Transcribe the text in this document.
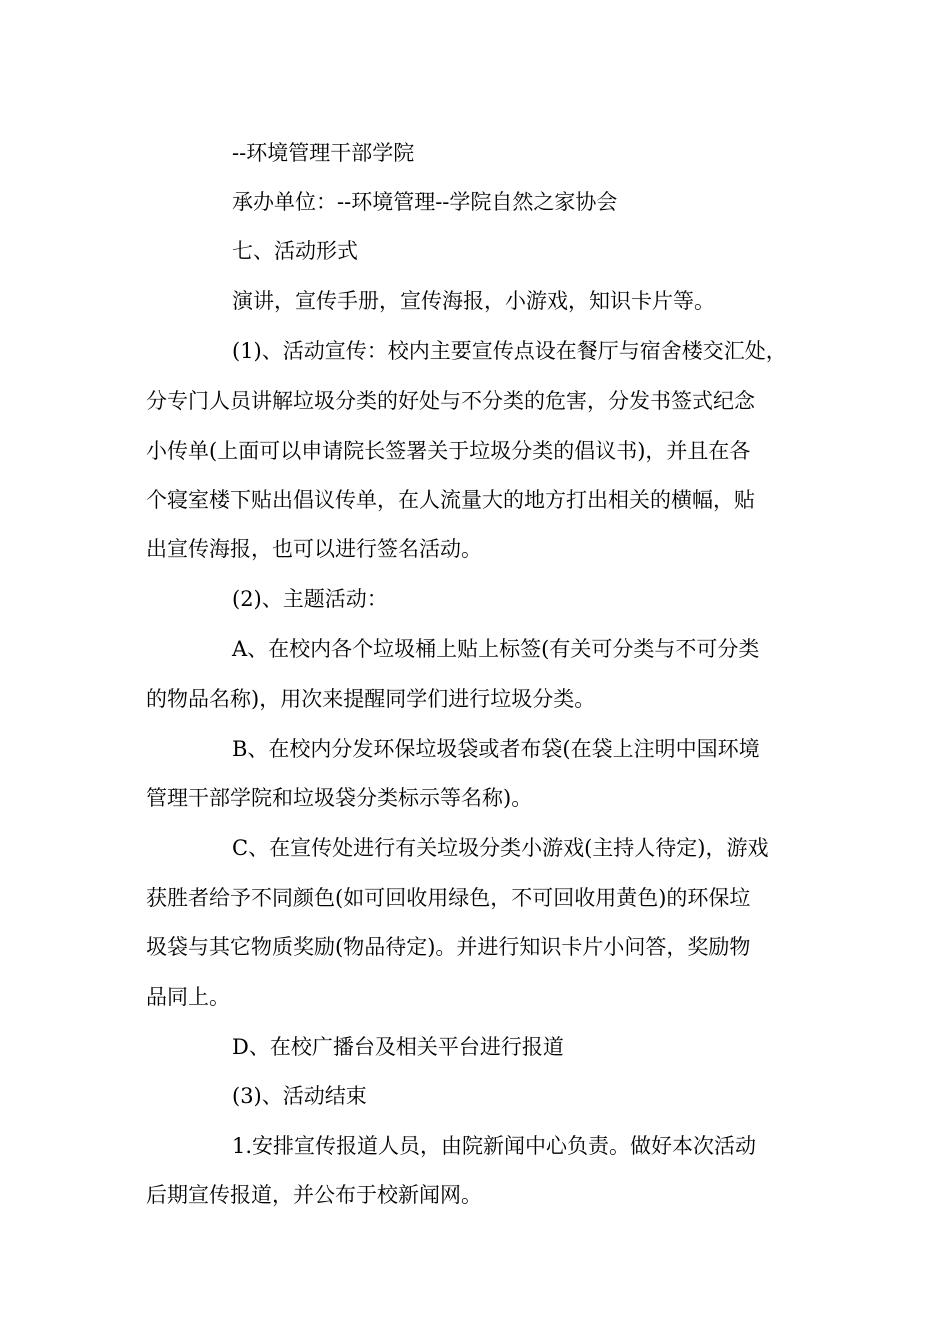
--环境管理干部学院
承办单位：--环境管理--学院自然之家协会
七、活动形式
演讲，宣传手册，宣传海报，小游戏，知识卡片等。
(1)、活动宣传：校内主要宣传点设在餐厅与宿舍楼交汇处，
分专门人员讲解垃圾分类的好处与不分类的危害，分发书签式纪念
小传单(上面可以申请院长签署关于垃圾分类的倡议书)，并且在各
个寝室楼下贴出倡议传单，在人流量大的地方打出相关的横幅，贴
出宣传海报，也可以进行签名活动。
(2)、主题活动：
A、在校内各个垃圾桶上贴上标签(有关可分类与不可分类
的物品名称)，用次来提醒同学们进行垃圾分类。
B、在校内分发环保垃圾袋或者布袋(在袋上注明中国环境
管理干部学院和垃圾袋分类标示等名称)。
C、在宣传处进行有关垃圾分类小游戏(主持人待定)，游戏
获胜者给予不同颜色(如可回收用绿色，不可回收用黄色)的环保垃
圾袋与其它物质奖励(物品待定)。并进行知识卡片小问答，奖励物
品同上。
D、在校广播台及相关平台进行报道
(3)、活动结束
1.安排宣传报道人员，由院新闻中心负责。做好本次活动
后期宣传报道，并公布于校新闻网。
